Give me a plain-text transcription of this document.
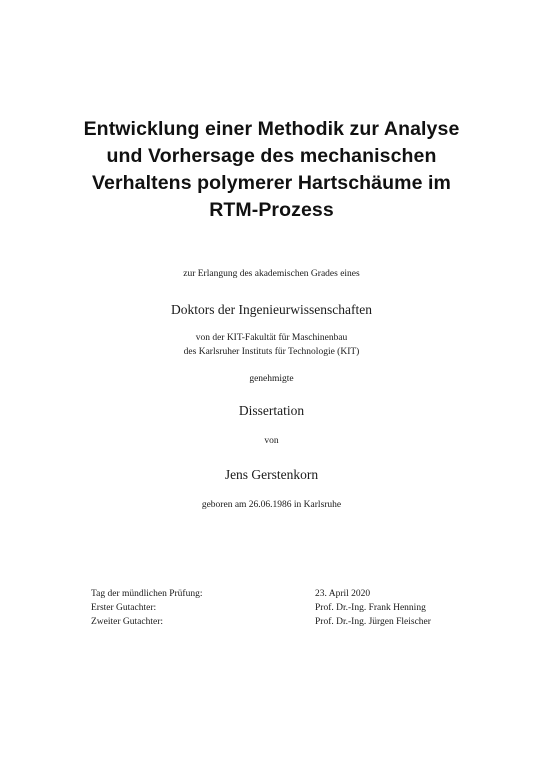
Entwicklung einer Methodik zur Analyse
und Vorhersage des mechanischen
Verhaltens polymerer Hartschäume im
RTM-Prozess
zur Erlangung des akademischen Grades eines
Doktors der Ingenieurwissenschaften
von der KIT-Fakultät für Maschinenbau
des Karlsruher Instituts für Technologie (KIT)
genehmigte
Dissertation
von
Jens Gerstenkorn
geboren am 26.06.1986 in Karlsruhe
Tag der mündlichen Prüfung:	23. April 2020
Erster Gutachter:	Prof. Dr.-Ing. Frank Henning
Zweiter Gutachter:	Prof. Dr.-Ing. Jürgen Fleischer
